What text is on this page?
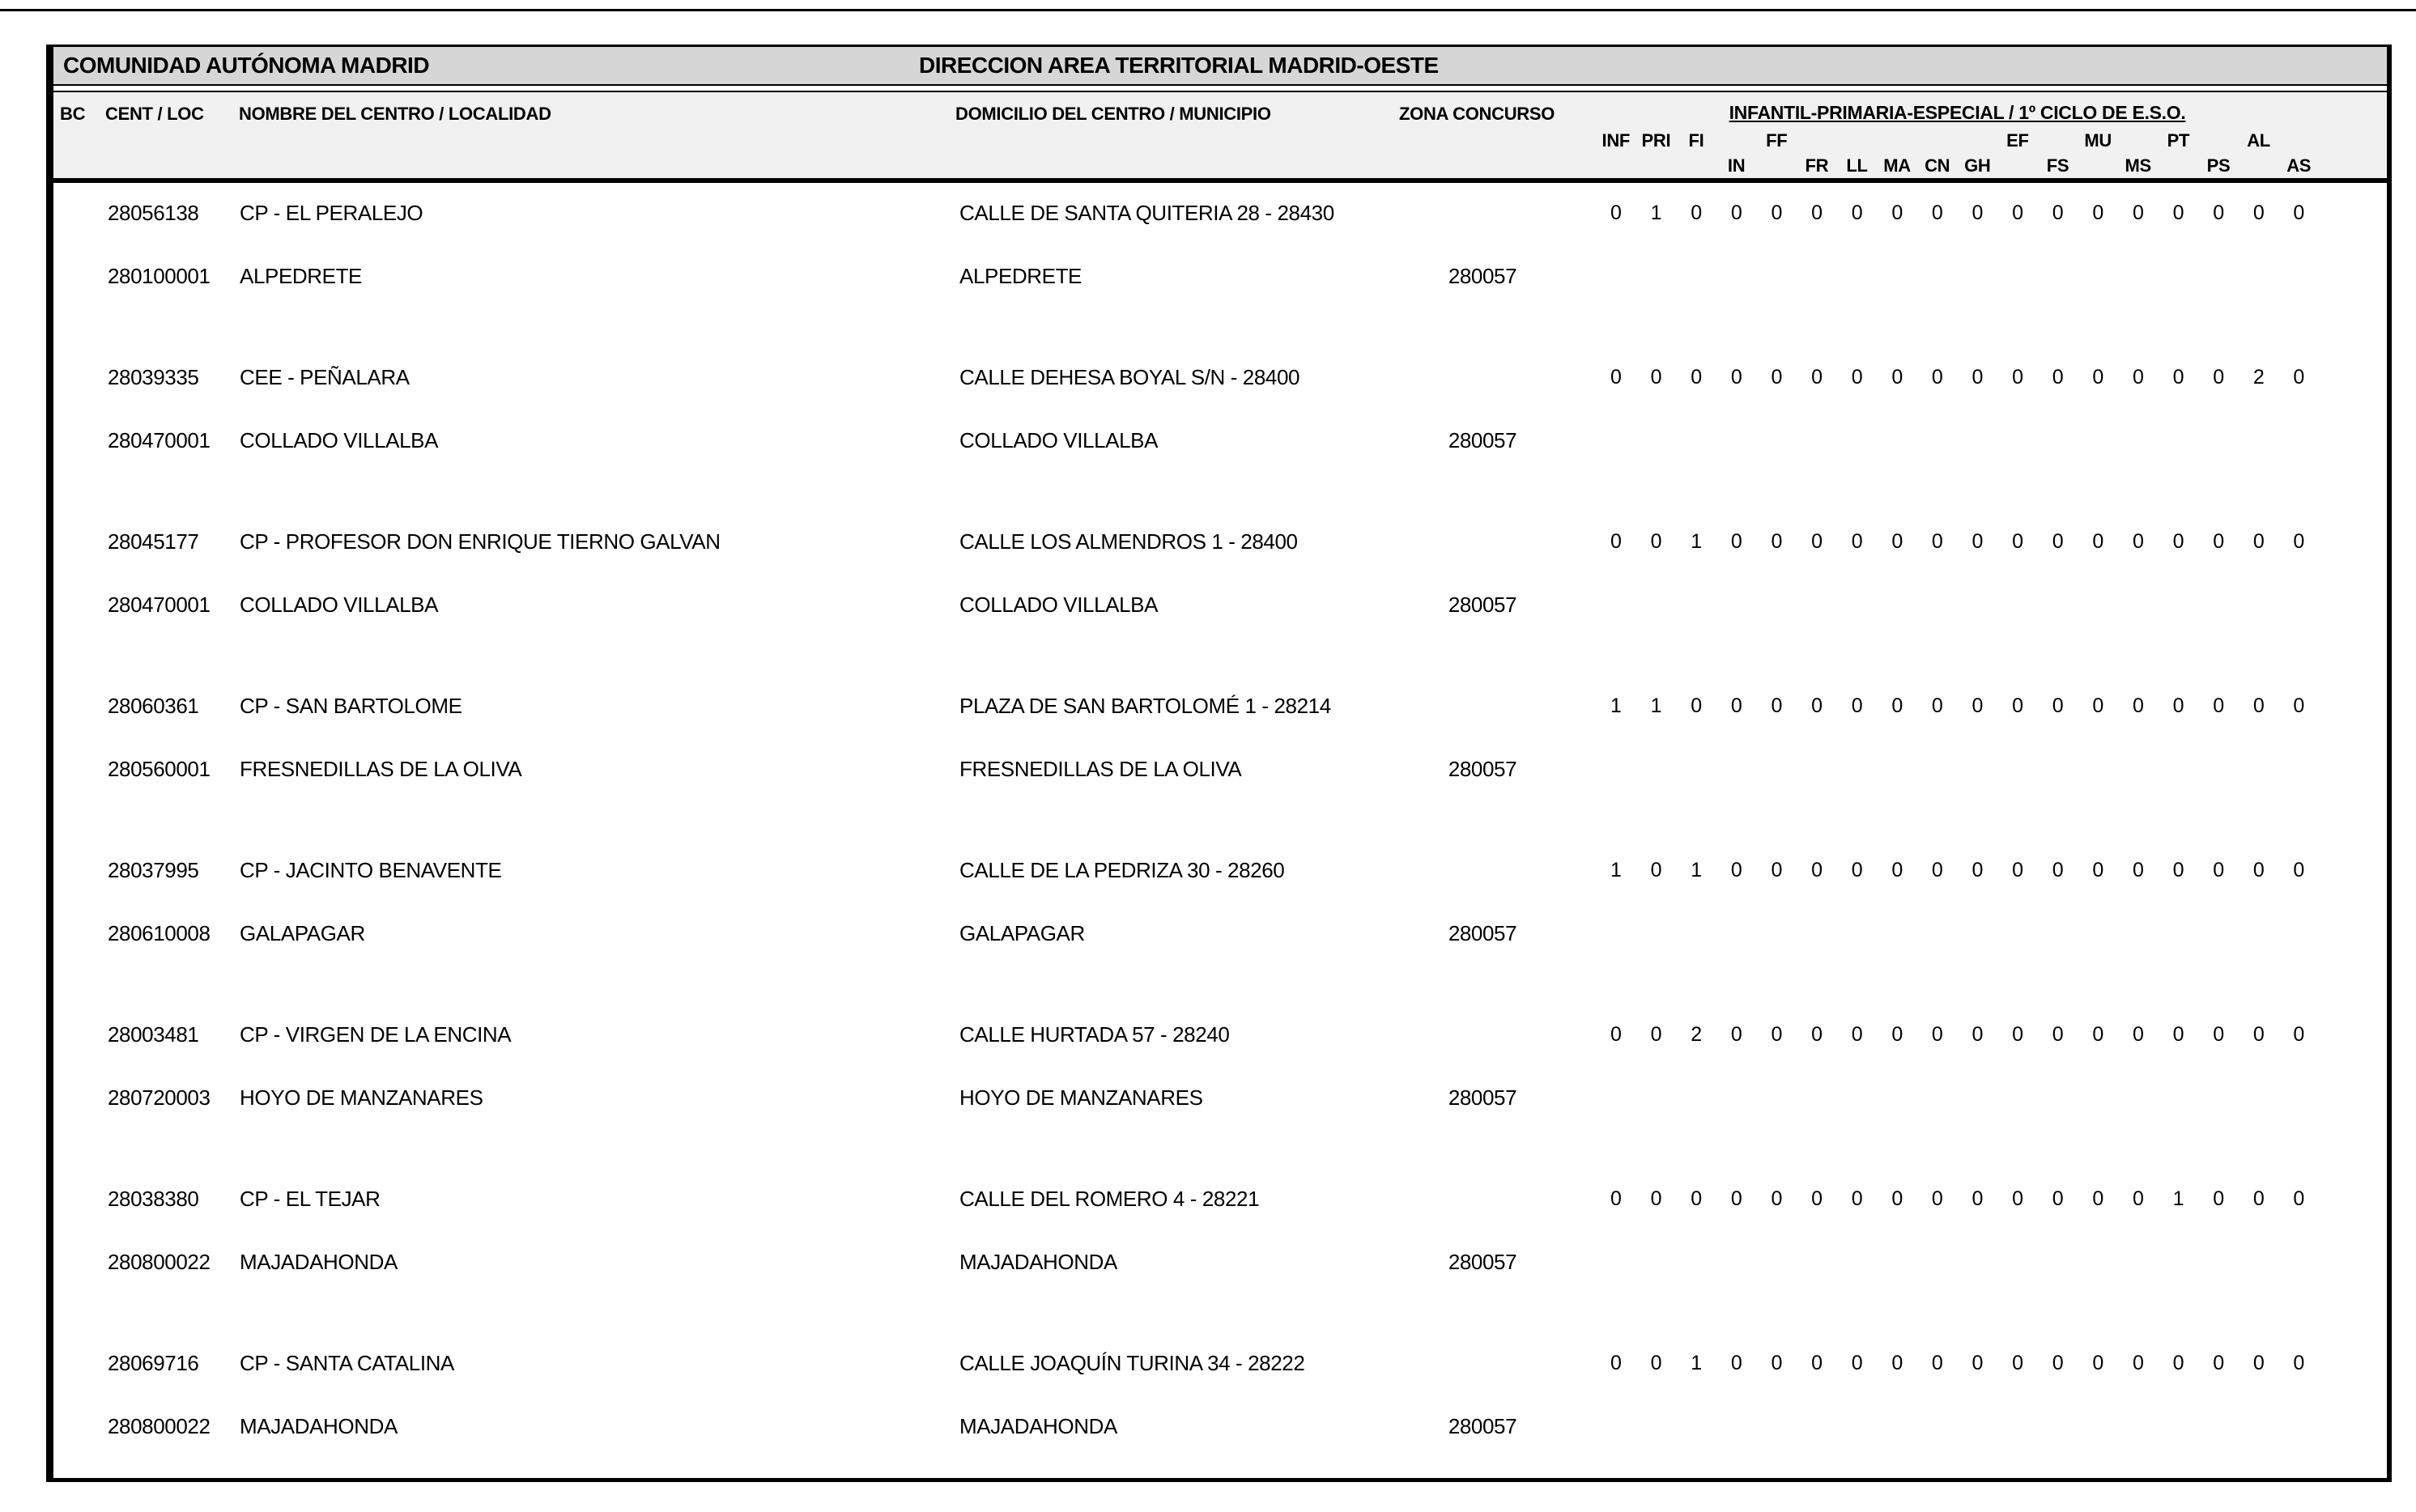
COMUNIDAD AUTÓNOMA MADRID	DIRECCION AREA TERRITORIAL MADRID-OESTE
BC CENT / LOC NOMBRE DEL CENTRO / LOCALIDAD	DOMICILIO DEL CENTRO / MUNICIPIO	ZONA CONCURSO	INFANTIL-PRIMARIA-ESPECIAL / 1º CICLO DE E.S.O.
INF PRI FI
IN
FF
FR LL MA CN GH
EF
FS
MU
MS
PT
PS
AL
AS
28056138 CP - EL PERALEJO	CALLE DE SANTA QUITERIA 28 - 28430	0	1	0	0	0	0	0	0	0	0	0	0	0	0	0	0	0	0
280100001 ALPEDRETE	ALPEDRETE	280057
28039335 CEE - PEÑALARA	CALLE DEHESA BOYAL S/N - 28400	0	0	0	0	0	0	0	0	0	0	0	0	0	0	0	0	2	0
280470001 COLLADO VILLALBA	COLLADO VILLALBA	280057
28045177 CP - PROFESOR DON ENRIQUE TIERNO GALVAN	CALLE LOS ALMENDROS 1 - 28400	0	0	1	0	0	0	0	0	0	0	0	0	0	0	0	0	0	0
280470001 COLLADO VILLALBA	COLLADO VILLALBA	280057
28060361 CP - SAN BARTOLOME	PLAZA DE SAN BARTOLOMÉ 1 - 28214	1	1	0	0	0	0	0	0	0	0	0	0	0	0	0	0	0	0
280560001 FRESNEDILLAS DE LA OLIVA	FRESNEDILLAS DE LA OLIVA	280057
28037995 CP - JACINTO BENAVENTE	CALLE DE LA PEDRIZA 30 - 28260	1	0	1	0	0	0	0	0	0	0	0	0	0	0	0	0	0	0
280610008 GALAPAGAR	GALAPAGAR	280057
28003481 CP - VIRGEN DE LA ENCINA	CALLE HURTADA 57 - 28240	0	0	2	0	0	0	0	0	0	0	0	0	0	0	0	0	0	0
280720003 HOYO DE MANZANARES	HOYO DE MANZANARES	280057
28038380 CP - EL TEJAR	CALLE DEL ROMERO 4 - 28221	0	0	0	0	0	0	0	0	0	0	0	0	0	0	1	0	0	0
280800022 MAJADAHONDA	MAJADAHONDA	280057
28069716 CP - SANTA CATALINA	CALLE JOAQUÍN TURINA 34 - 28222	0	0	1	0	0	0	0	0	0	0	0	0	0	0	0	0	0	0
280800022 MAJADAHONDA	MAJADAHONDA	280057
